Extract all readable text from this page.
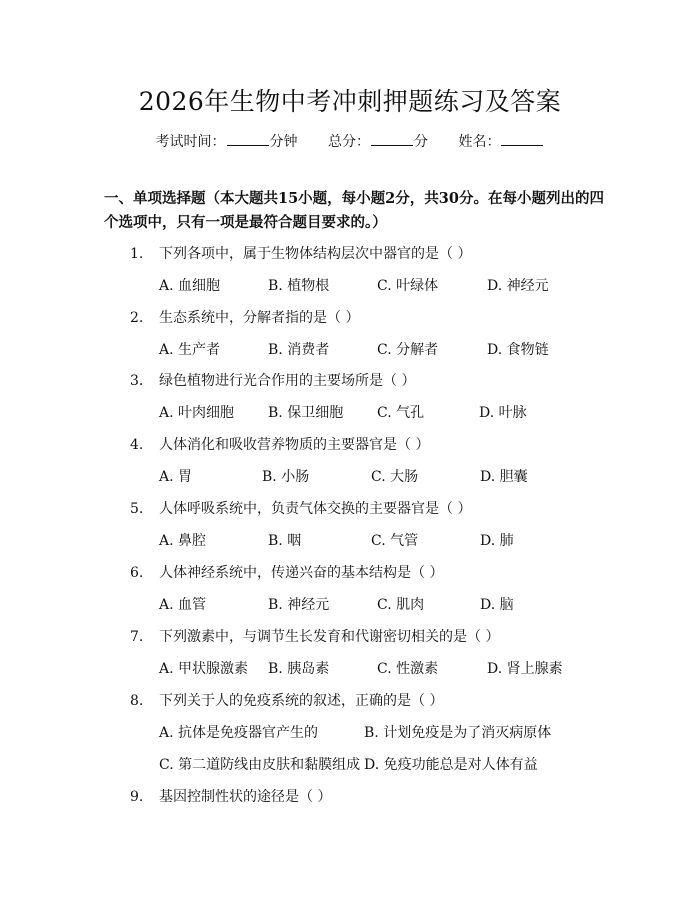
2026年生物中考冲刺押题练习及答案
考试时间：	分钟 总分：	分 姓名：
一、单项选择题（本大题共15小题，每小题2分，共30分。在每小题列出的四个选项中，只有一项是最符合题目要求的。）
1. 下列各项中，属于生物体结构层次中器官的是（ ）
A. 血细胞	B. 植物根	C. 叶绿体	D. 神经元
2. 生态系统中，分解者指的是（ ）
A. 生产者	B. 消费者	C. 分解者	D. 食物链
3. 绿色植物进行光合作用的主要场所是（ ）
A. 叶肉细胞 B. 保卫细胞 C. 气孔	D. 叶脉
4. 人体消化和吸收营养物质的主要器官是（ ）
A. 胃	B. 小肠	C. 大肠	D. 胆囊
5. 人体呼吸系统中，负责气体交换的主要器官是（ ）
A. 鼻腔	B. 咽	C. 气管	D. 肺
6. 人体神经系统中，传递兴奋的基本结构是（ ）
A. 血管	B. 神经元	C. 肌肉	D. 脑
7. 下列激素中，与调节生长发育和代谢密切相关的是（ ）
A. 甲状腺激素 B. 胰岛素	C. 性激素	D. 肾上腺素
8. 下列关于人的免疫系统的叙述，正确的是（ ）
A. 抗体是免疫器官产生的	B. 计划免疫是为了消灭病原体
C. 第二道防线由皮肤和黏膜组成 D. 免疫功能总是对人体有益
9. 基因控制性状的途径是（ ）
